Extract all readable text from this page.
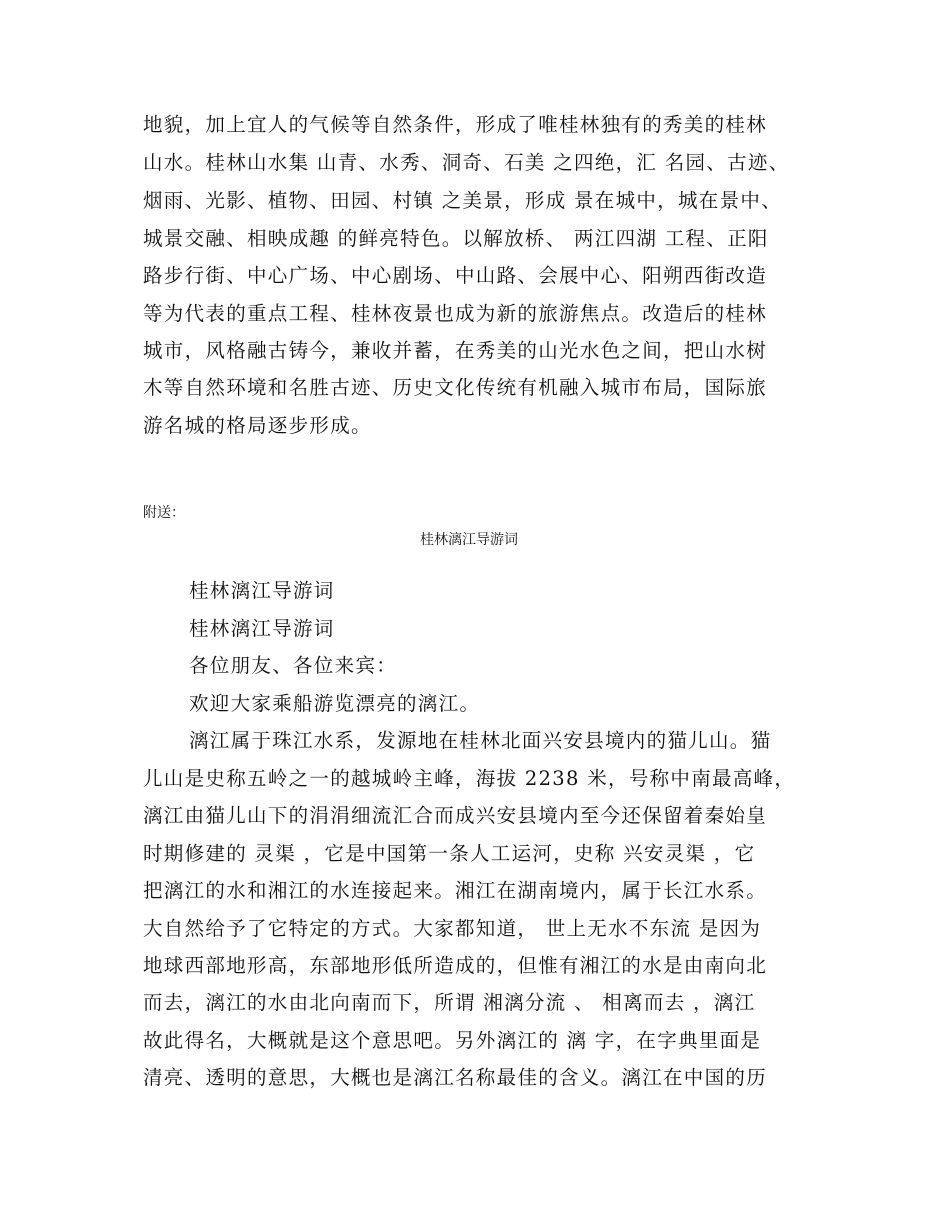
地貌，加上宜人的气候等自然条件，形成了唯桂林独有的秀美的桂林
山水。桂林山水集 山青、水秀、洞奇、石美 之四绝，汇 名园、古迹、
烟雨、光影、植物、田园、村镇 之美景，形成 景在城中，城在景中、
城景交融、相映成趣 的鲜亮特色。以解放桥、 两江四湖 工程、正阳
路步行街、中心广场、中心剧场、中山路、会展中心、阳朔西街改造
等为代表的重点工程、桂林夜景也成为新的旅游焦点。改造后的桂林
城市，风格融古铸今，兼收并蓄，在秀美的山光水色之间，把山水树
木等自然环境和名胜古迹、历史文化传统有机融入城市布局，国际旅
游名城的格局逐步形成。
附送：
桂林漓江导游词
桂林漓江导游词
桂林漓江导游词
各位朋友、各位来宾：
欢迎大家乘船游览漂亮的漓江。
漓江属于珠江水系，发源地在桂林北面兴安县境内的猫儿山。猫
儿山是史称五岭之一的越城岭主峰，海拔 2238 米，号称中南最高峰，
漓江由猫儿山下的涓涓细流汇合而成兴安县境内至今还保留着秦始皇
时期修建的 灵渠 ，它是中国第一条人工运河，史称 兴安灵渠 ，它
把漓江的水和湘江的水连接起来。湘江在湖南境内，属于长江水系。
大自然给予了它特定的方式。大家都知道， 世上无水不东流 是因为
地球西部地形高，东部地形低所造成的，但惟有湘江的水是由南向北
而去，漓江的水由北向南而下，所谓 湘漓分流 、 相离而去 ，漓江
故此得名，大概就是这个意思吧。另外漓江的 漓 字，在字典里面是
清亮、透明的意思，大概也是漓江名称最佳的含义。漓江在中国的历
